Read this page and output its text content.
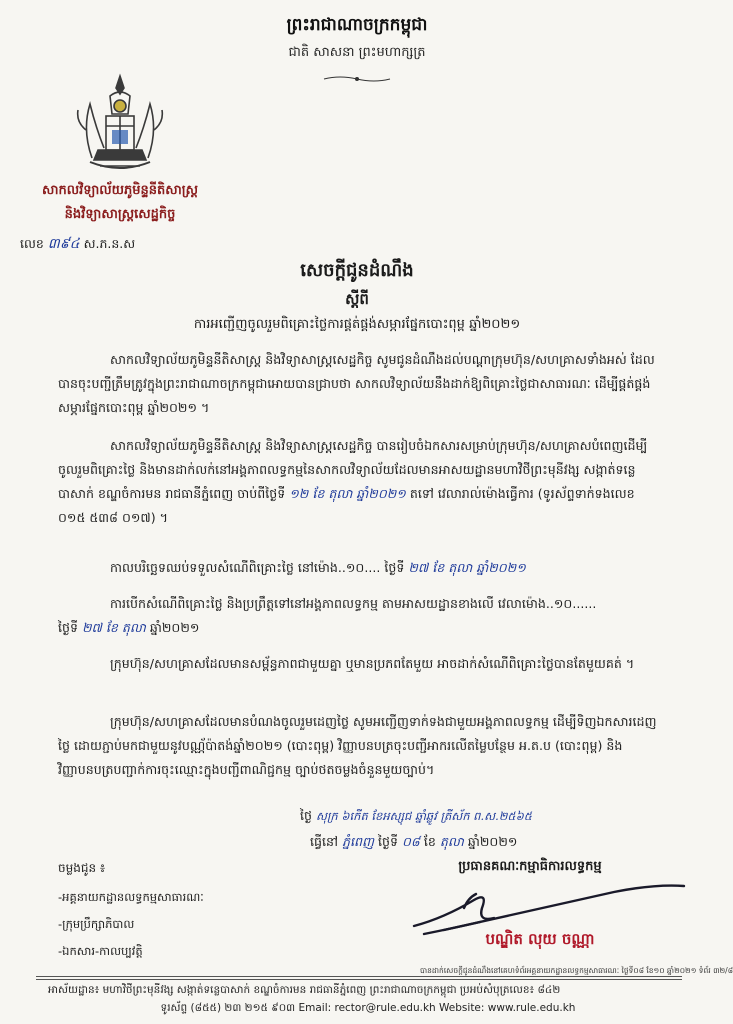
ព្រះរាជាណាចក្រកម្ពុជា
ជាតិ សាសនា ព្រះមហាក្សត្រ
សាកលវិទ្យាល័យភូមិន្ទនីតិសាស្ត្រ
និងវិទ្យាសាស្ត្រសេដ្ឋកិច្ច
លេខ ៣៩៤ ស.ភ.ន.ស
សេចក្តីជូនដំណឹង
ស្តីពី
ការអញ្ជើញចូលរួមពិគ្រោះថ្លៃការផ្គត់ផ្គង់សម្ភារផ្នែកបោះពុម្ព ឆ្នាំ២០២១
សាកលវិទ្យាល័យភូមិន្ទនីតិសាស្ត្រ និងវិទ្យាសាស្ត្រសេដ្ឋកិច្ច សូមជូនដំណឹងដល់បណ្តាក្រុមហ៊ុន/សហគ្រាសទាំងអស់ ដែលបានចុះបញ្ជីត្រឹមត្រូវក្នុងព្រះរាជាណាចក្រកម្ពុជាអោយបានជ្រាបថា សាកលវិទ្យាល័យនឹងដាក់ឱ្យពិគ្រោះថ្លៃជាសាធារណៈ ដើម្បីផ្គត់ផ្គង់សម្ភារផ្នែកបោះពុម្ព ឆ្នាំ២០២១ ។
សាកលវិទ្យាល័យភូមិន្ទនីតិសាស្ត្រ និងវិទ្យាសាស្ត្រសេដ្ឋកិច្ច បានរៀបចំឯកសារសម្រាប់ក្រុមហ៊ុន/សហគ្រាសបំពេញដើម្បីចូលរួមពិគ្រោះថ្លៃ និងមានដាក់លក់នៅអង្គភាពលទ្ធកម្មនៃសាកលវិទ្យាល័យដែលមានអាសយដ្ឋានមហាវិថីព្រះមុនីវង្ស សង្កាត់ទន្លេបាសាក់ ខណ្ឌចំការមន រាជធានីភ្នំពេញ ចាប់ពីថ្ងៃទី ១២ ខែ តុលា ឆ្នាំ២០២១ តទៅ វេលារាល់ម៉ោងធ្វើការ (ទូរស័ព្ទទាក់ទងលេខ ០១៥ ៥៣៨ ០១៧) ។
កាលបរិច្ឆេទឈប់ទទួលសំណើពិគ្រោះថ្លៃ នៅម៉ោង..១០.... ថ្ងៃទី ២៧ ខែ តុលា ឆ្នាំ២០២១
ការបើកសំណើពិគ្រោះថ្លៃ និងប្រព្រឹត្តទៅនៅអង្គភាពលទ្ធកម្ម តាមអាសយដ្ឋានខាងលើ វេលាម៉ោង..១០......
ថ្ងៃទី ២៧ ខែ តុលា ឆ្នាំ២០២១
ក្រុមហ៊ុន/សហគ្រាសដែលមានសម្ព័ន្ធភាពជាមួយគ្នា ឬមានប្រភពតែមួយ អាចដាក់សំណើពិគ្រោះថ្លៃបានតែមួយគត់ ។
ក្រុមហ៊ុន/សហគ្រាសដែលមានបំណងចូលរួមដេញថ្លៃ សូមអញ្ជើញទាក់ទងជាមួយអង្គភាពលទ្ធកម្ម ដើម្បីទិញឯកសារដេញថ្លៃ ដោយភ្ជាប់មកជាមួយនូវបណ្ណ័ប៉ាតង់ឆ្នាំ២០២១ (បោះពុម្ព) វិញ្ញាបនបត្រចុះបញ្ជីអាករលើតម្លៃបន្ថែម អ.ត.ប (បោះពុម្ព) និងវិញ្ញាបនបត្របញ្ជាក់ការចុះឈ្មោះក្នុងបញ្ជីពាណិជ្ជកម្ម ច្បាប់ថតចម្លងចំនួនមួយច្បាប់។
ថ្ងៃ សុក្រ ៦កើត ខែអស្សុជ ឆ្នាំឆ្លូវ ត្រីស័ក ព.ស.២៥៦៥
ធ្វើនៅ ភ្នំពេញ ថ្ងៃទី ០៨ ខែ តុលា ឆ្នាំ២០២១
ប្រធានគណៈកម្មាធិការលទ្ធកម្ម
ចម្លងជូន ៖
-អគ្គនាយកដ្ឋានលទ្ធកម្មសាធារណៈ
-ក្រុមប្រឹក្សាភិបាល
-ឯកសារ-កាលប្បវត្តិ
បណ្ឌិត លុយ ចណ្ណា
បានដាក់សេចក្តីជូនដំណឹងនៅគេហទំព័រអគ្គនាយកដ្ឋានលទ្ធកម្មសាធារណៈ ថ្ងៃទី០៨ ខែ១០ ឆ្នាំ២០២១ ទំព័រ ៣២/៨
អាស័យដ្ឋាន៖ មហាវិថីព្រះមុនីវង្ស សង្កាត់ទន្លេបាសាក់ ខណ្ឌចំការមន រាជធានីភ្នំពេញ ព្រះរាជាណាចក្រកម្ពុជា ប្រអប់សំបុត្រលេខ៖ ៨៤២
ទូរស័ព្ទ (៨៥៥) ២៣ ២១៥ ៩០៣ Email: rector@rule.edu.kh Website: www.rule.edu.kh
